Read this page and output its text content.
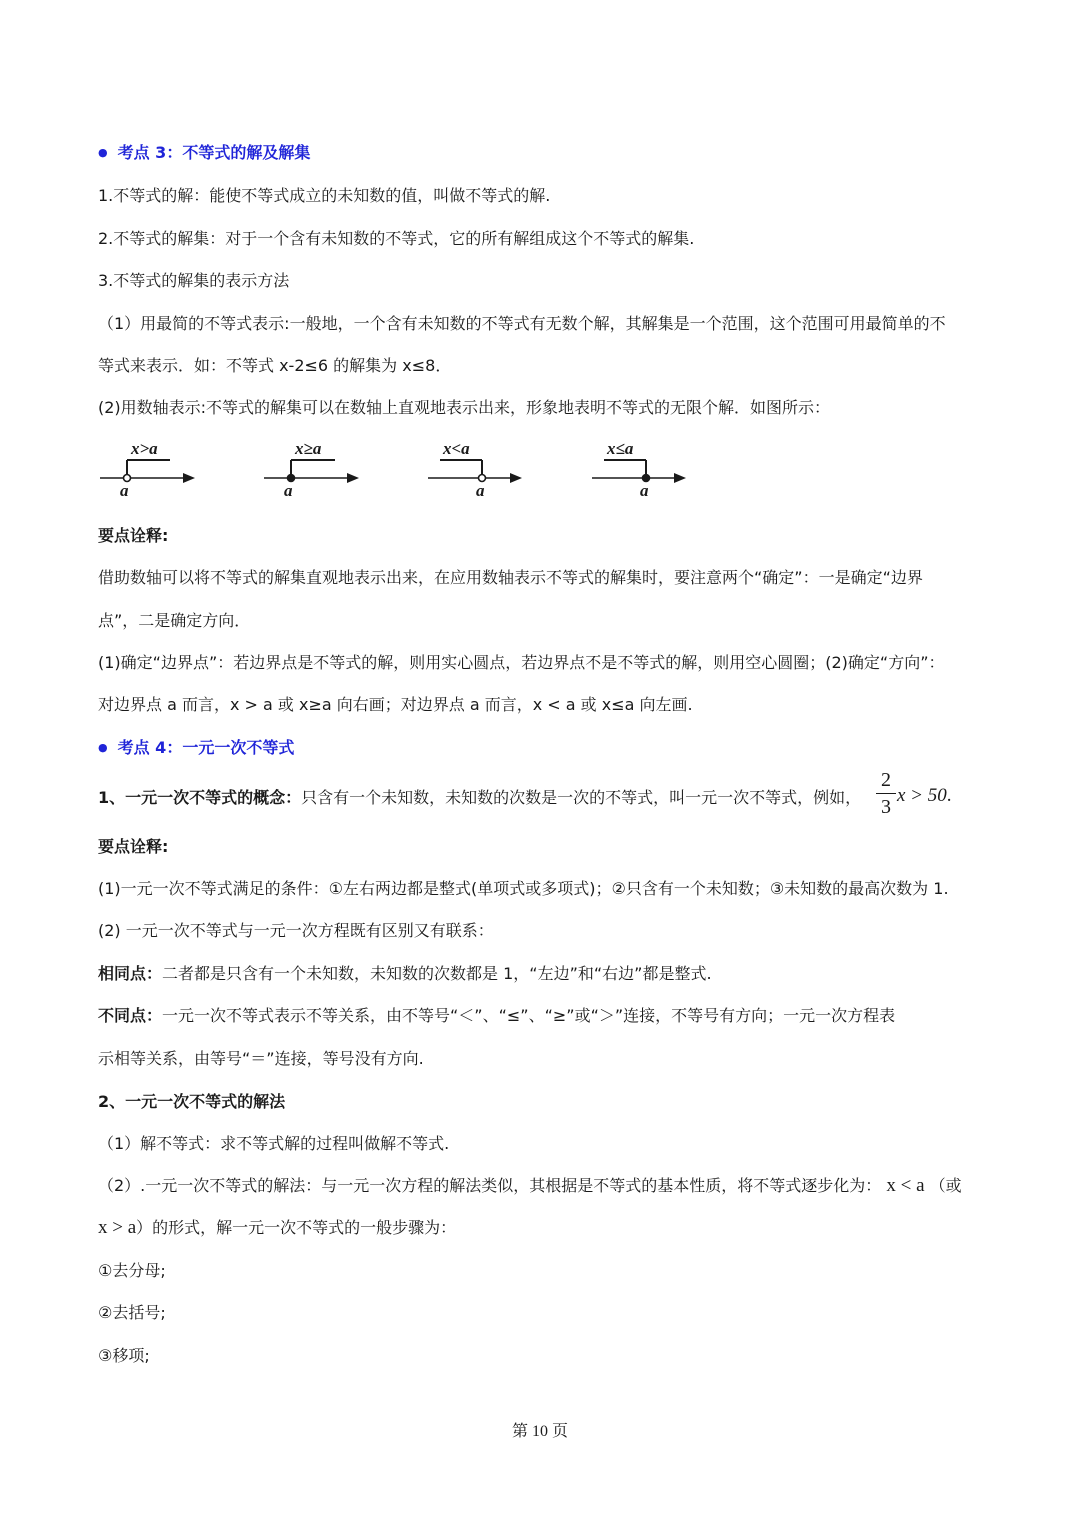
● 考点 3：不等式的解及解集
1.不等式的解：能使不等式成立的未知数的值，叫做不等式的解.
2.不等式的解集：对于一个含有未知数的不等式，它的所有解组成这个不等式的解集.
3.不等式的解集的表示方法
（1）用最简的不等式表示:一般地，一个含有未知数的不等式有无数个解，其解集是一个范围，这个范围可用最简单的不
等式来表示．如：不等式 x-2≤6 的解集为 x≤8．
(2)用数轴表示:不等式的解集可以在数轴上直观地表示出来，形象地表明不等式的无限个解．如图所示：
x>a
a
x≥a
a
x<a
a
x≤a
a
要点诠释:
借助数轴可以将不等式的解集直观地表示出来，在应用数轴表示不等式的解集时，要注意两个“确定”：一是确定“边界
点”，二是确定方向．
(1)确定“边界点”：若边界点是不等式的解，则用实心圆点，若边界点不是不等式的解，则用空心圆圈；(2)确定“方向”：
对边界点 a 而言，x > a 或 x≥a 向右画；对边界点 a 而言，x < a 或 x≤a 向左画.
● 考点 4：一元一次不等式
1、一元一次不等式的概念：只含有一个未知数，未知数的次数是一次的不等式，叫一元一次不等式，例如，
2
3
x > 50.
要点诠释:
(1)一元一次不等式满足的条件：①左右两边都是整式(单项式或多项式)；②只含有一个未知数；③未知数的最高次数为 1.
(2) 一元一次不等式与一元一次方程既有区别又有联系：
相同点：二者都是只含有一个未知数，未知数的次数都是 1，“左边”和“右边”都是整式.
不同点：一元一次不等式表示不等关系，由不等号“＜”、“≤”、“≥”或“＞”连接，不等号有方向；一元一次方程表
示相等关系，由等号“＝”连接，等号没有方向.
2、一元一次不等式的解法
（1）解不等式：求不等式解的过程叫做解不等式.
（2）.一元一次不等式的解法：与一元一次方程的解法类似，其根据是不等式的基本性质，将不等式逐步化为： x < a （或
x > a）的形式，解一元一次不等式的一般步骤为：
①去分母;
②去括号;
③移项;
第 10 页
